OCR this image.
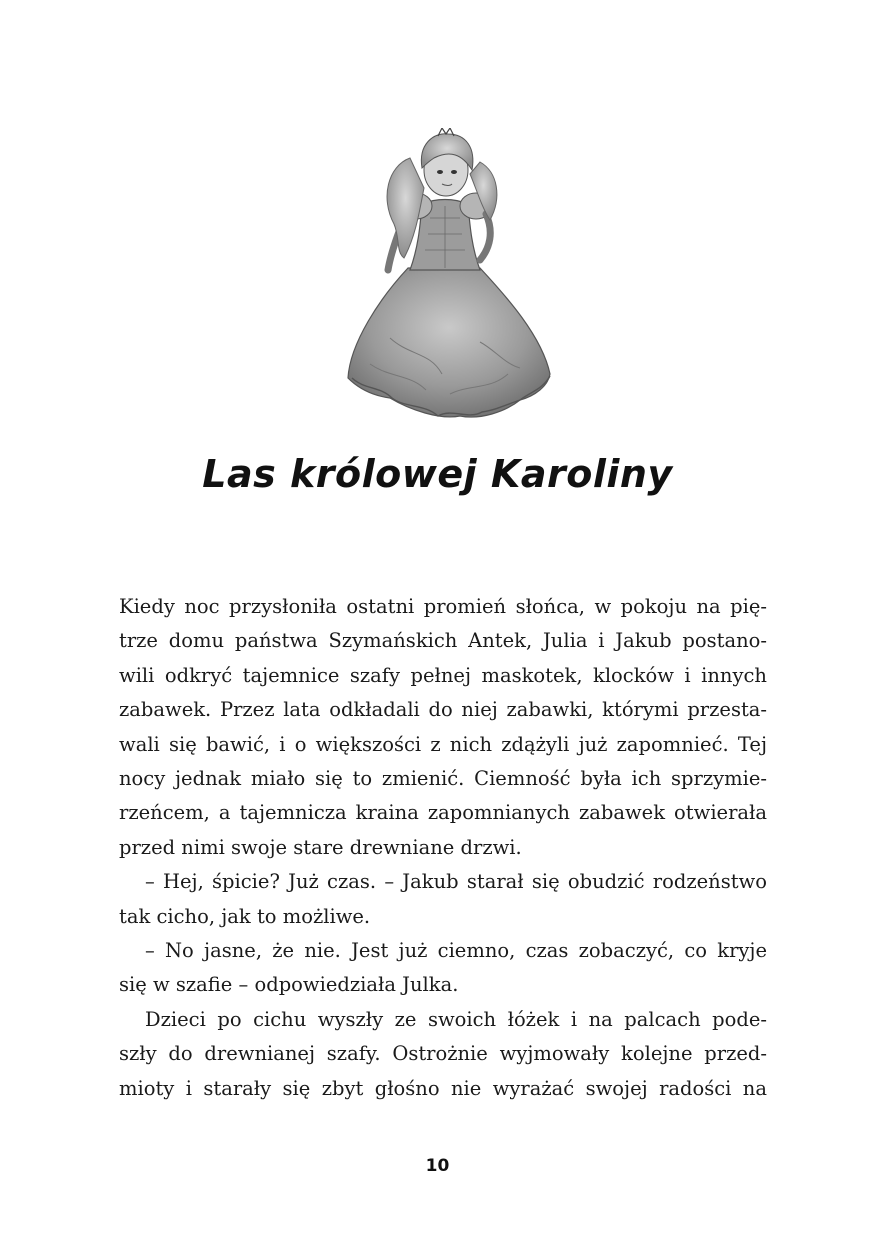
Las królowej Karoliny
Kiedy noc przysłoniła ostatni promień słońca, w pokoju na pię-
trze domu państwa Szymańskich Antek, Julia i Jakub postano-
wili odkryć tajemnice szafy pełnej maskotek, klocków i innych
zabawek. Przez lata odkładali do niej zabawki, którymi przesta-
wali się bawić, i o większości z nich zdążyli już zapomnieć. Tej
nocy jednak miało się to zmienić. Ciemność była ich sprzymie-
rzeńcem, a tajemnicza kraina zapomnianych zabawek otwierała
przed nimi swoje stare drewniane drzwi.
– Hej, śpicie? Już czas. – Jakub starał się obudzić rodzeństwo
tak cicho, jak to możliwe.
– No jasne, że nie. Jest już ciemno, czas zobaczyć, co kryje
się w szafie – odpowiedziała Julka.
Dzieci po cichu wyszły ze swoich łóżek i na palcach pode-
szły do drewnianej szafy. Ostrożnie wyjmowały kolejne przed-
mioty i starały się zbyt głośno nie wyrażać swojej radości na
10
